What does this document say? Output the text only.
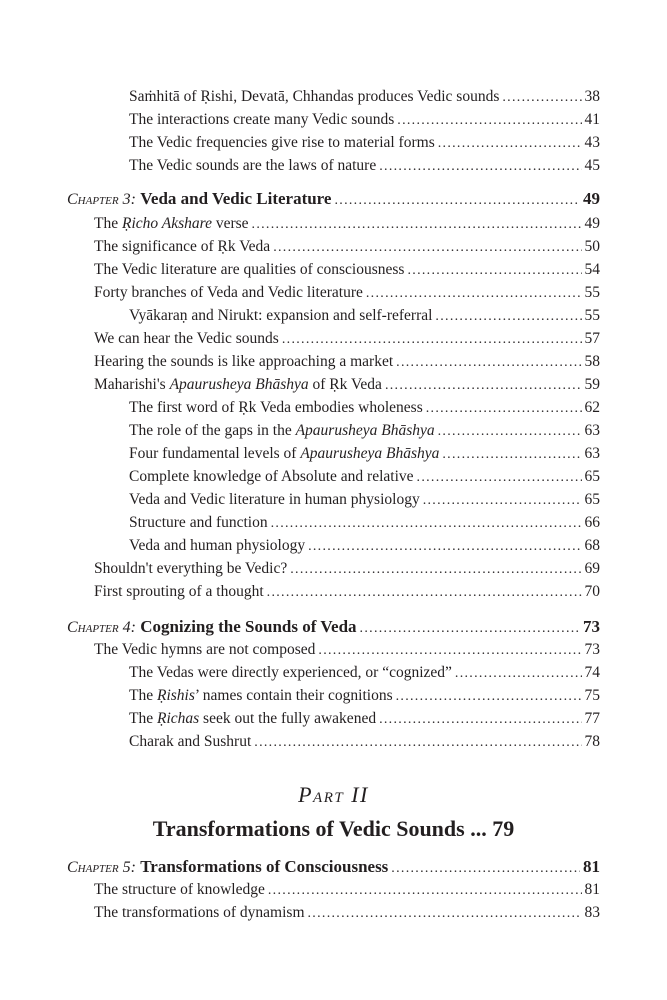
Saṁhitā of Ṛishi, Devatā, Chhandas produces Vedic sounds . . .	38
The interactions create many Vedic sounds . . .	41
The Vedic frequencies give rise to material forms . . .	43
The Vedic sounds are the laws of nature . . .	45
Chapter 3: Veda and Vedic Literature . . .	49
The Ṛicho Akshare verse . . .	49
The significance of Ṛk Veda . . .	50
The Vedic literature are qualities of consciousness . . .	54
Forty branches of Veda and Vedic literature . . .	55
Vyākaraṇ and Nirukt: expansion and self-referral . . .	55
We can hear the Vedic sounds . . .	57
Hearing the sounds is like approaching a market . . .	58
Maharishi's Apaurusheya Bhāshya of Ṛk Veda . . .	59
The first word of Ṛk Veda embodies wholeness . . .	62
The role of the gaps in the Apaurusheya Bhāshya . . .	63
Four fundamental levels of Apaurusheya Bhāshya . . .	63
Complete knowledge of Absolute and relative . . .	65
Veda and Vedic literature in human physiology . . .	65
Structure and function . . .	66
Veda and human physiology . . .	68
Shouldn't everything be Vedic? . . .	69
First sprouting of a thought . . .	70
Chapter 4: Cognizing the Sounds of Veda . . .	73
The Vedic hymns are not composed . . .	73
The Vedas were directly experienced, or “cognized” . . .	74
The Ṛishis’ names contain their cognitions . . .	75
The Ṛichas seek out the fully awakened . . .	77
Charak and Sushrut . . .	78
Part II
Transformations of Vedic Sounds ... 79
Chapter 5: Transformations of Consciousness . . .	81
The structure of knowledge . . .	81
The transformations of dynamism . . .	83
